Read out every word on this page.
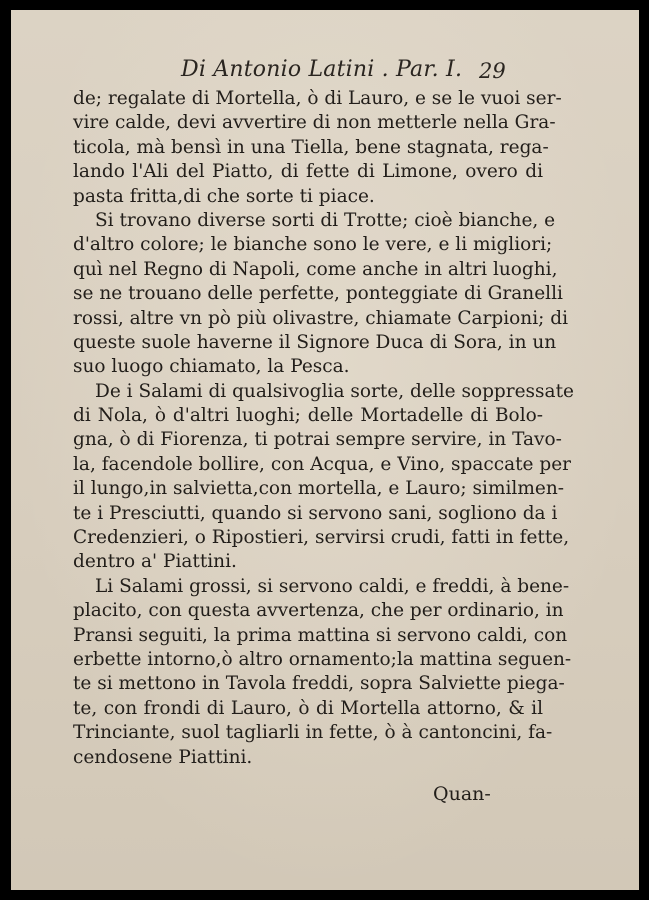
Di Antonio Latini . Par. I. 29
de; regalate di Mortella, ò di Lauro, e se le vuoi ser-
vire calde, devi avvertire di non metterle nella Gra-
ticola, mà bensì in una Tiella, bene stagnata, rega-
lando l'Ali del Piatto, di fette di Limone, overo di
pasta fritta,di che sorte ti piace.
Si trovano diverse sorti di Trotte; cioè bianche, e
d'altro colore; le bianche sono le vere, e li migliori;
quì nel Regno di Napoli, come anche in altri luoghi,
se ne trouano delle perfette, ponteggiate di Granelli
rossi, altre vn pò più olivastre, chiamate Carpioni; di
queste suole haverne il Signore Duca di Sora, in un
suo luogo chiamato, la Pesca.
De i Salami di qualsivoglia sorte, delle soppressate
di Nola, ò d'altri luoghi; delle Mortadelle di Bolo-
gna, ò di Fiorenza, ti potrai sempre servire, in Tavo-
la, facendole bollire, con Acqua, e Vino, spaccate per
il lungo,in salvietta,con mortella, e Lauro; similmen-
te i Presciutti, quando si servono sani, sogliono da i
Credenzieri, o Ripostieri, servirsi crudi, fatti in fette,
dentro a' Piattini.
Li Salami grossi, si servono caldi, e freddi, à bene-
placito, con questa avvertenza, che per ordinario, in
Pransi seguiti, la prima mattina si servono caldi, con
erbette intorno,ò altro ornamento;la mattina seguen-
te si mettono in Tavola freddi, sopra Salviette piega-
te, con frondi di Lauro, ò di Mortella attorno, & il
Trinciante, suol tagliarli in fette, ò à cantoncini, fa-
cendosene Piattini.
Quan-
